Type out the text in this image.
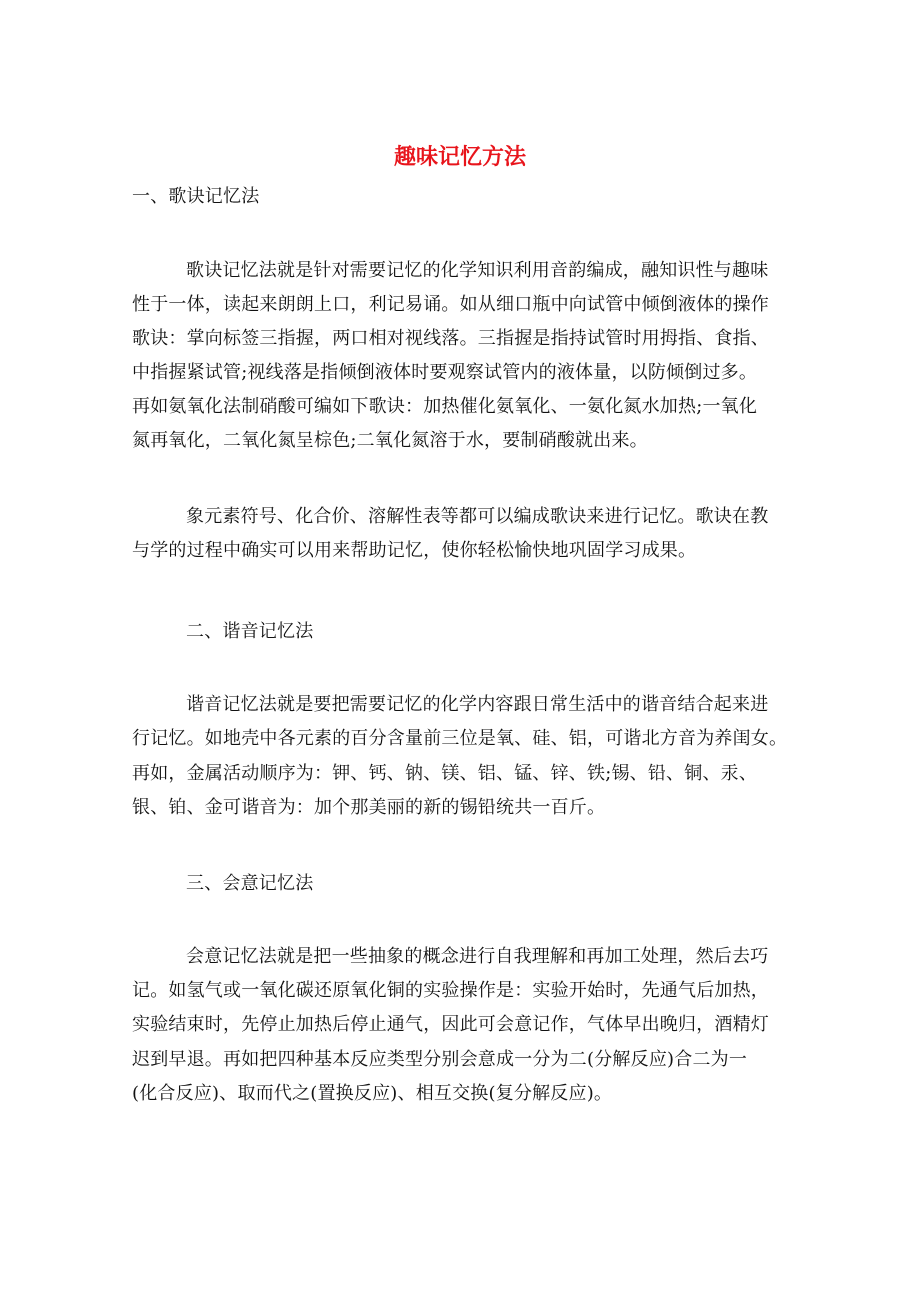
趣味记忆方法
一、歌诀记忆法
歌诀记忆法就是针对需要记忆的化学知识利用音韵编成，融知识性与趣味
性于一体，读起来朗朗上口，利记易诵。如从细口瓶中向试管中倾倒液体的操作
歌诀：掌向标签三指握，两口相对视线落。三指握是指持试管时用拇指、食指、
中指握紧试管;视线落是指倾倒液体时要观察试管内的液体量，以防倾倒过多。
再如氨氧化法制硝酸可编如下歌诀：加热催化氨氧化、一氨化氮水加热;一氧化
氮再氧化，二氧化氮呈棕色;二氧化氮溶于水，要制硝酸就出来。
象元素符号、化合价、溶解性表等都可以编成歌诀来进行记忆。歌诀在教
与学的过程中确实可以用来帮助记忆，使你轻松愉快地巩固学习成果。
二、谐音记忆法
谐音记忆法就是要把需要记忆的化学内容跟日常生活中的谐音结合起来进
行记忆。如地壳中各元素的百分含量前三位是氧、硅、铝，可谐北方音为养闺女。
再如，金属活动顺序为：钾、钙、钠、镁、铝、锰、锌、铁;锡、铅、铜、汞、
银、铂、金可谐音为：加个那美丽的新的锡铅统共一百斤。
三、会意记忆法
会意记忆法就是把一些抽象的概念进行自我理解和再加工处理，然后去巧
记。如氢气或一氧化碳还原氧化铜的实验操作是：实验开始时，先通气后加热，
实验结束时，先停止加热后停止通气，因此可会意记作，气体早出晚归，酒精灯
迟到早退。再如把四种基本反应类型分别会意成一分为二(分解反应)合二为一
(化合反应)、取而代之(置换反应)、相互交换(复分解反应)。
